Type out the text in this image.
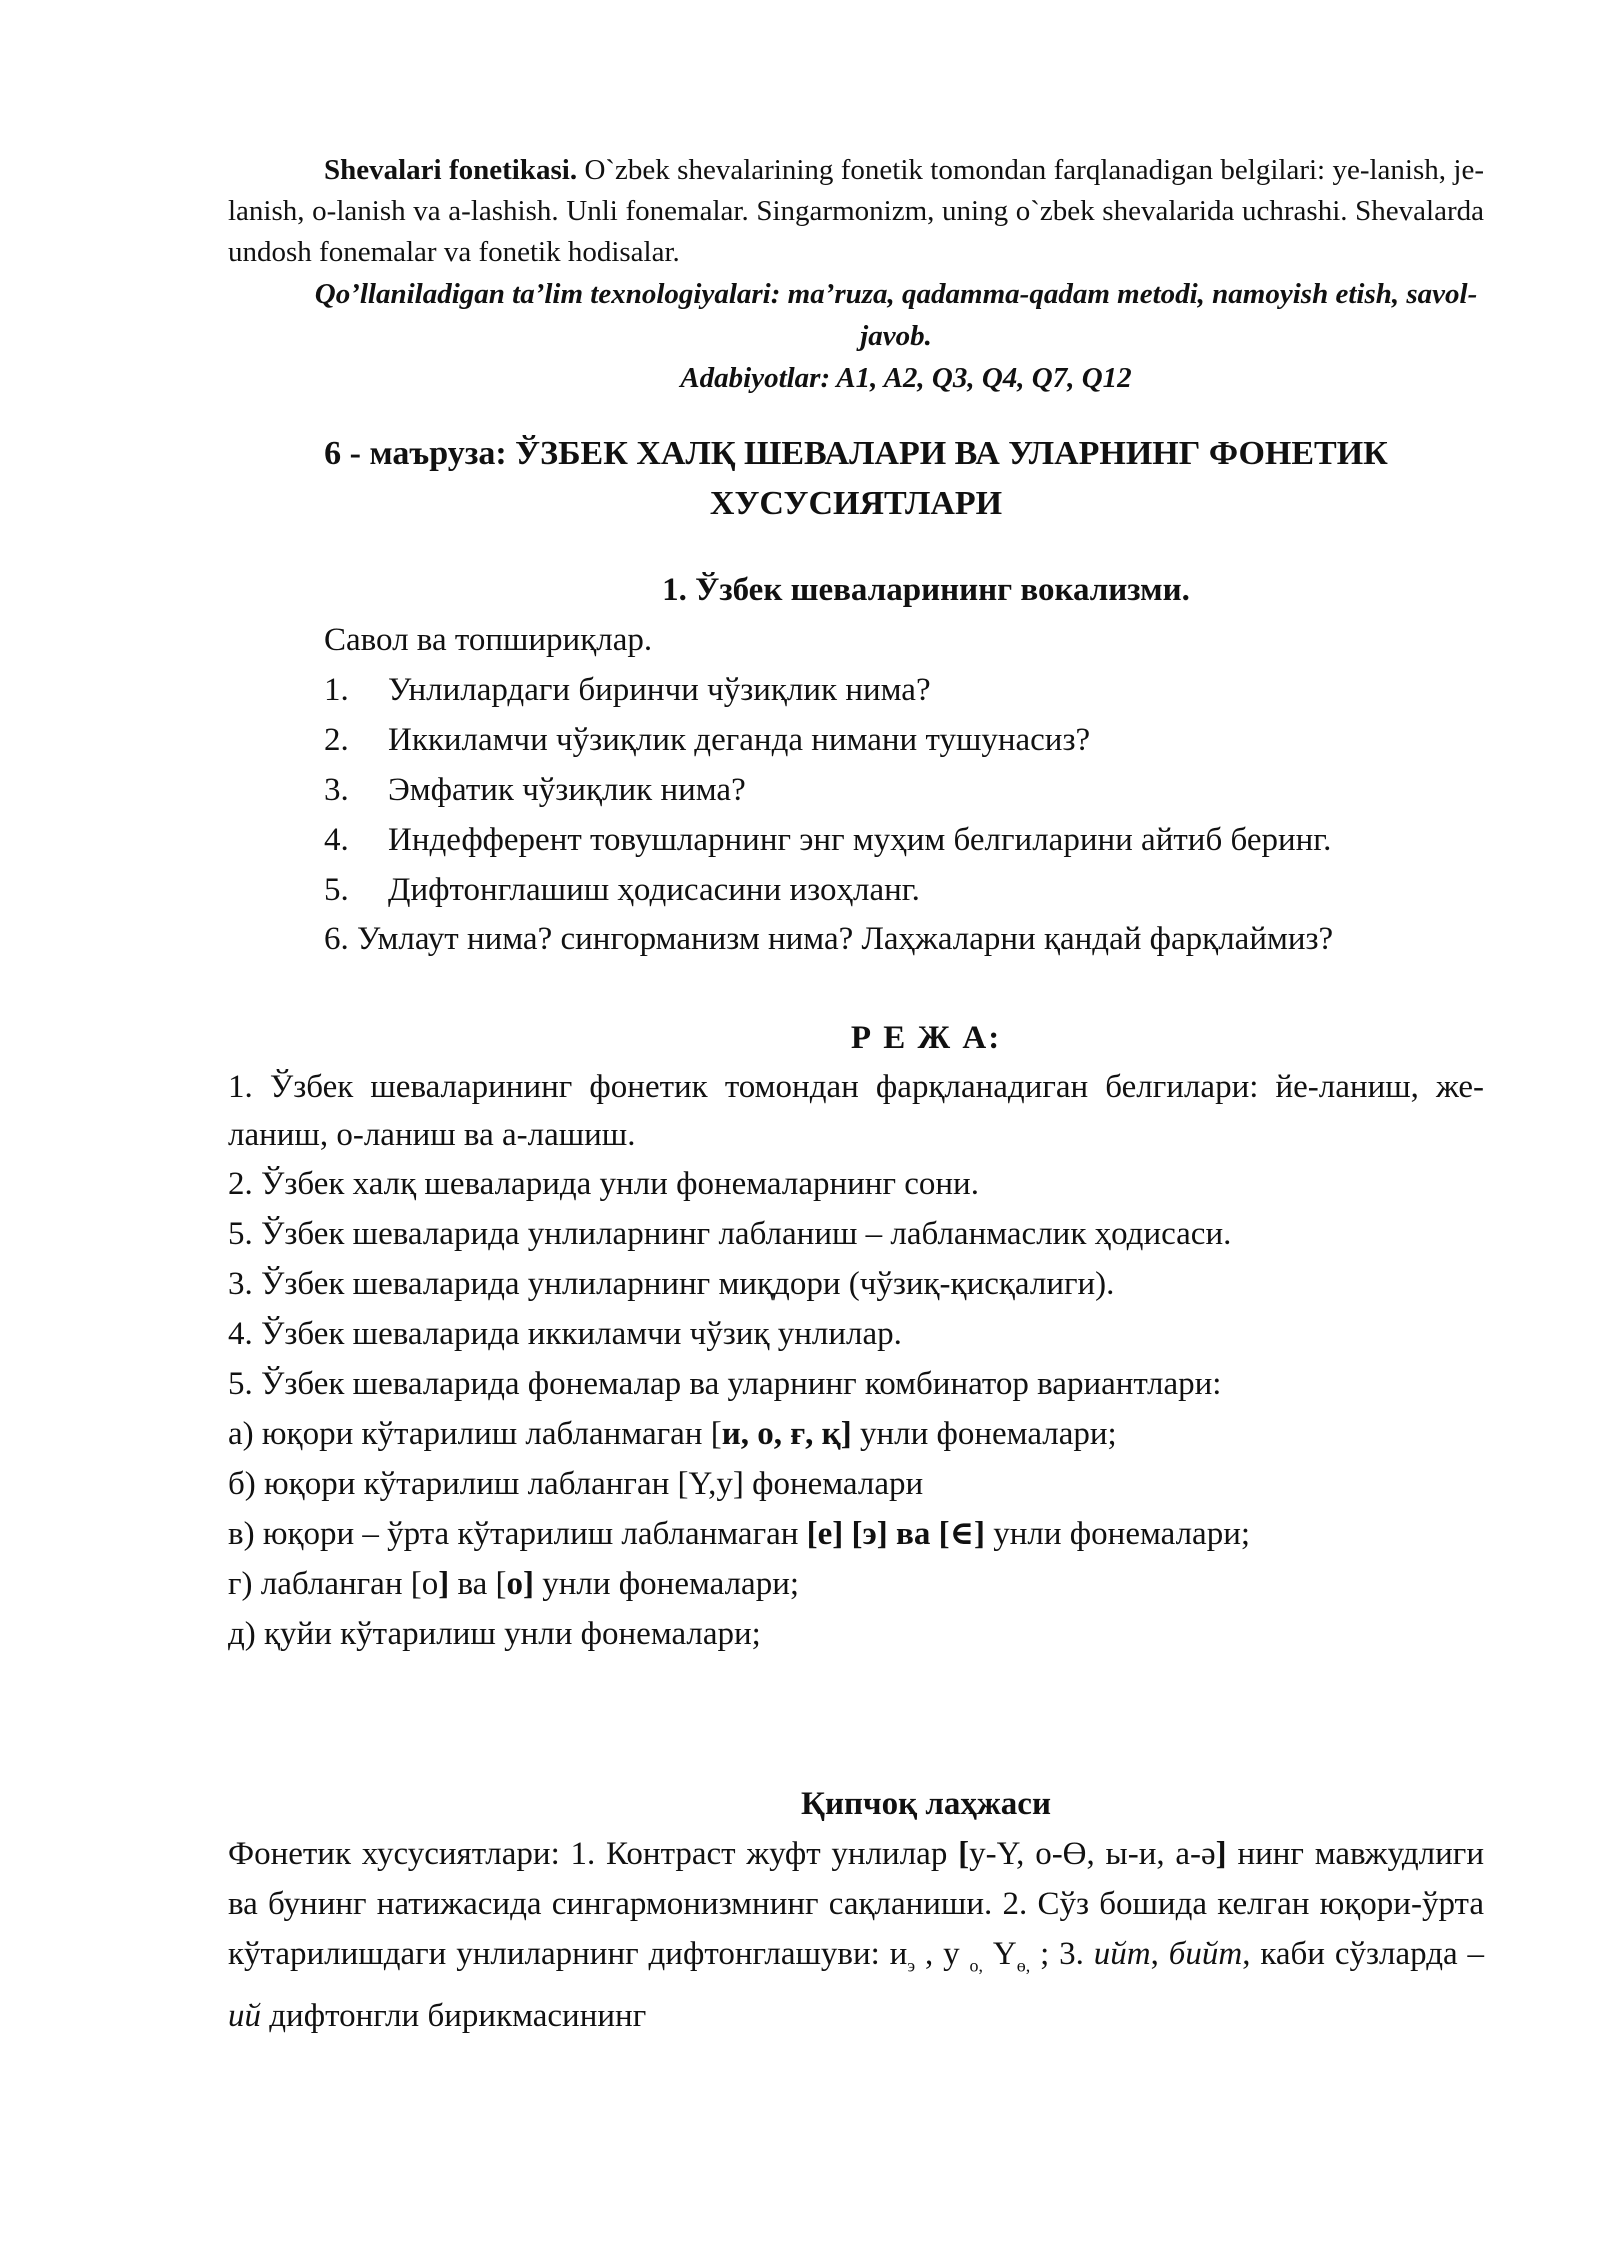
Shevalari fonetikasi. O`zbek shevalarining fonetik tomondan farqlanadigan belgilari: ye-lanish, je-lanish, o-lanish va a-lashish. Unli fonemalar. Singarmonizm, uning o`zbek shevalarida uchrashi. Shevalarda undosh fonemalar va fonetik hodisalar.

Qo’llaniladigan ta’lim texnologiyalari: ma’ruza, qadamma-qadam metodi, namoyish etish, savol-javob.

Adabiyotlar: A1, A2, Q3, Q4, Q7, Q12

6 - маъруза: ЎЗБЕК ХАЛҚ ШЕВАЛАРИ ВА УЛАРНИНГ ФОНЕТИК ХУСУСИЯТЛАРИ
1. Ўзбек шеваларининг вокализми.

Савол ва топшириқлар.

1.	Унлилардаги биринчи чўзиқлик нима?
2.	Иккиламчи чўзиқлик деганда нимани тушунасиз?
3.	Эмфатик чўзиқлик нима?
4.	Индефферент товушларнинг энг муҳим белгиларини айтиб беринг.
5.	Дифтонглашиш ҳодисасини изоҳланг.

6. Умлаут нима? сингорманизм нима? Лаҳжаларни қандай фарқлаймиз?

Р Е Ж А:

1. Ўзбек шеваларининг фонетик томондан фарқланадиган белгилари: йе-ланиш, же-ланиш, о-ланиш ва а-лашиш.

2. Ўзбек халқ шеваларида унли фонемаларнинг сони.

5. Ўзбек шеваларида унлиларнинг лабланиш – лабланмаслик ҳодисаси.

3. Ўзбек шеваларида унлиларнинг миқдори (чўзиқ-қисқалиги).

4. Ўзбек шеваларида иккиламчи чўзиқ унлилар.

5. Ўзбек шеваларида фонемалар ва уларнинг комбинатор вариантлари:

а) юқори кўтарилиш лабланмаган [и, о, ғ, қ] унли фонемалари;

б) юқори кўтарилиш лабланган [Y,у] фонемалари

в) юқори – ўрта кўтарилиш лабланмаган [е] [э] ва [∈] унли фонемалари;

г) лабланган [о] ва [о] унли фонемалари;

д) қуйи кўтарилиш унли фонемалари;

Қипчоқ лаҳжаси

Фонетик хусусиятлари: 1. Контраст жуфт унлилар [у-Y, о-Ө, ы-и, а-ә] нинг мавжудлиги ва бунинг натижасида сингармонизмнинг сақланиши. 2. Сўз бошида келган юқори-ўрта кўтарилишдаги унлиларнинг дифтонглашуви: $и_э$ , у $_{о,}$ $Y_{ө,}$ ; 3. ийт, бийт, каби сўзларда –ий дифтонгли бирикмасининг
